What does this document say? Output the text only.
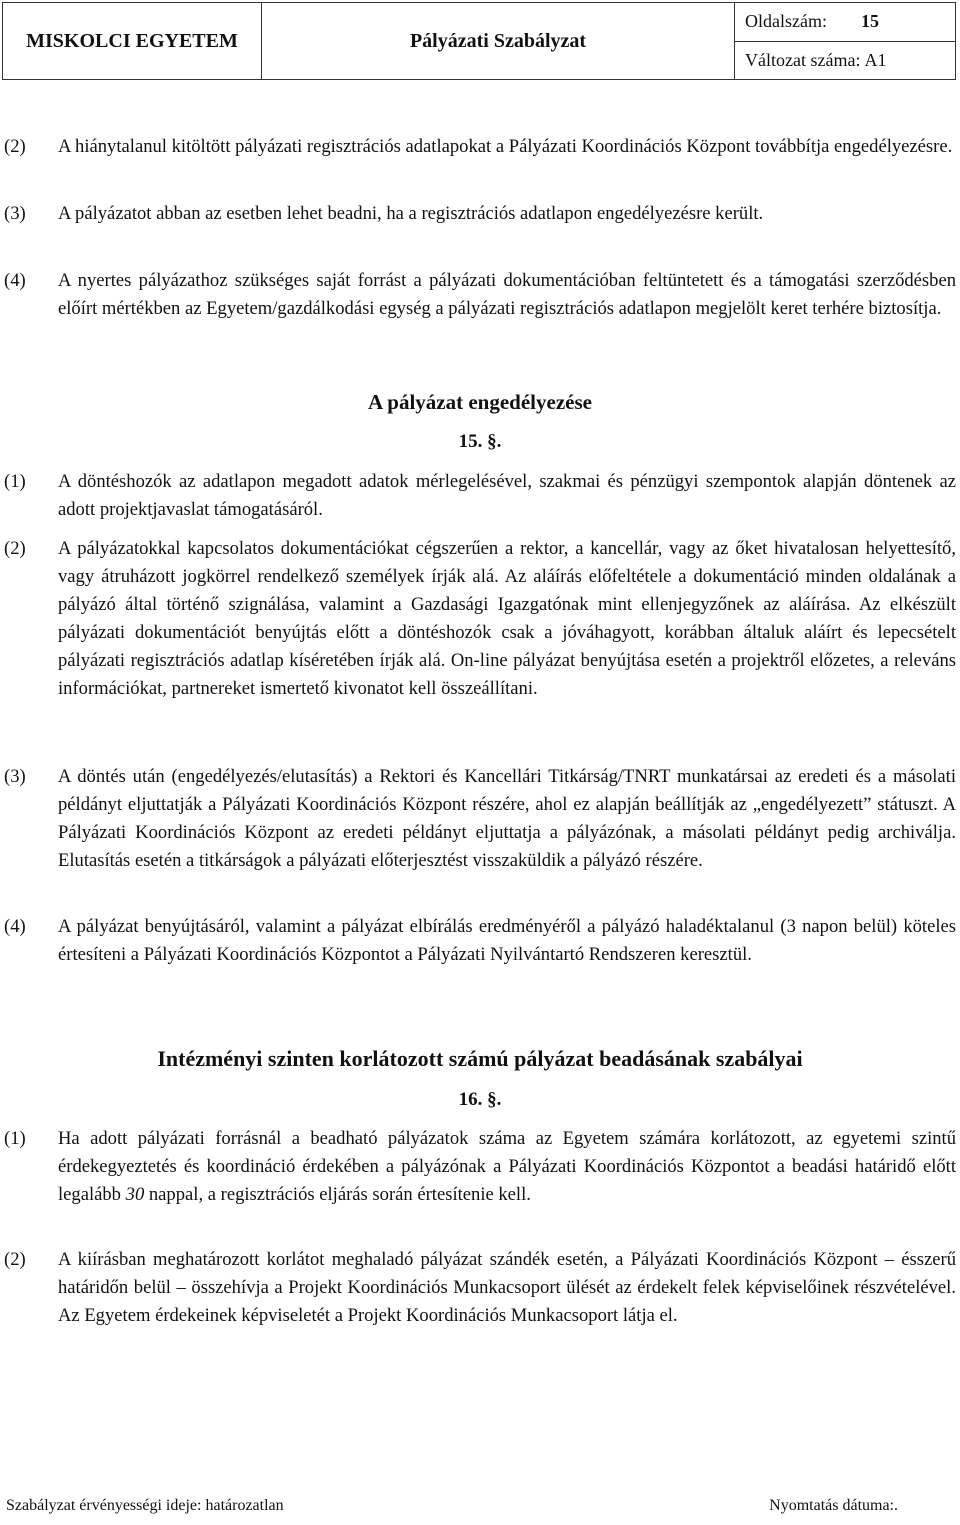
MISKOLCI EGYETEM	Pályázati Szabályzat
Oldalszám: 15
Változat száma: A1
(2) A hiánytalanul kitöltött pályázati regisztrációs adatlapokat a Pályázati Koordinációs Központ továbbítja engedélyezésre.
(3) A pályázatot abban az esetben lehet beadni, ha a regisztrációs adatlapon engedélyezésre került.
(4) A nyertes pályázathoz szükséges saját forrást a pályázati dokumentációban feltüntetett és a támogatási szerződésben előírt mértékben az Egyetem/gazdálkodási egység a pályázati regisztrációs adatlapon megjelölt keret terhére biztosítja.
A pályázat engedélyezése
15. §.
(1) A döntéshozók az adatlapon megadott adatok mérlegelésével, szakmai és pénzügyi szempontok alapján döntenek az adott projektjavaslat támogatásáról.
(2) A pályázatokkal kapcsolatos dokumentációkat cégszerűen a rektor, a kancellár, vagy az őket hivatalosan helyettesítő, vagy átruházott jogkörrel rendelkező személyek írják alá. Az aláírás előfeltétele a dokumentáció minden oldalának a pályázó által történő szignálása, valamint a Gazdasági Igazgatónak mint ellenjegyzőnek az aláírása. Az elkészült pályázati dokumentációt benyújtás előtt a döntéshozók csak a jóváhagyott, korábban általuk aláírt és lepecsételt pályázati regisztrációs adatlap kíséretében írják alá. On-line pályázat benyújtása esetén a projektről előzetes, a releváns információkat, partnereket ismertető kivonatot kell összeállítani.
(3) A döntés után (engedélyezés/elutasítás) a Rektori és Kancellári Titkárság/TNRT munkatársai az eredeti és a másolati példányt eljuttatják a Pályázati Koordinációs Központ részére, ahol ez alapján beállítják az „engedélyezett” státuszt. A Pályázati Koordinációs Központ az eredeti példányt eljuttatja a pályázónak, a másolati példányt pedig archiválja. Elutasítás esetén a titkárságok a pályázati előterjesztést visszaküldik a pályázó részére.
(4) A pályázat benyújtásáról, valamint a pályázat elbírálás eredményéről a pályázó haladéktalanul (3 napon belül) köteles értesíteni a Pályázati Koordinációs Központot a Pályázati Nyilvántartó Rendszeren keresztül.
Intézményi szinten korlátozott számú pályázat beadásának szabályai
16. §.
(1) Ha adott pályázati forrásnál a beadható pályázatok száma az Egyetem számára korlátozott, az egyetemi szintű érdekegyeztetés és koordináció érdekében a pályázónak a Pályázati Koordinációs Központot a beadási határidő előtt legalább 30 nappal, a regisztrációs eljárás során értesítenie kell.
(2) A kiírásban meghatározott korlátot meghaladó pályázat szándék esetén, a Pályázati Koordinációs Központ – ésszerű határidőn belül – összehívja a Projekt Koordinációs Munkacsoport ülését az érdekelt felek képviselőinek részvételével. Az Egyetem érdekeinek képviseletét a Projekt Koordinációs Munkacsoport látja el.
Szabályzat érvényességi ideje: határozatlan	Nyomtatás dátuma:.
